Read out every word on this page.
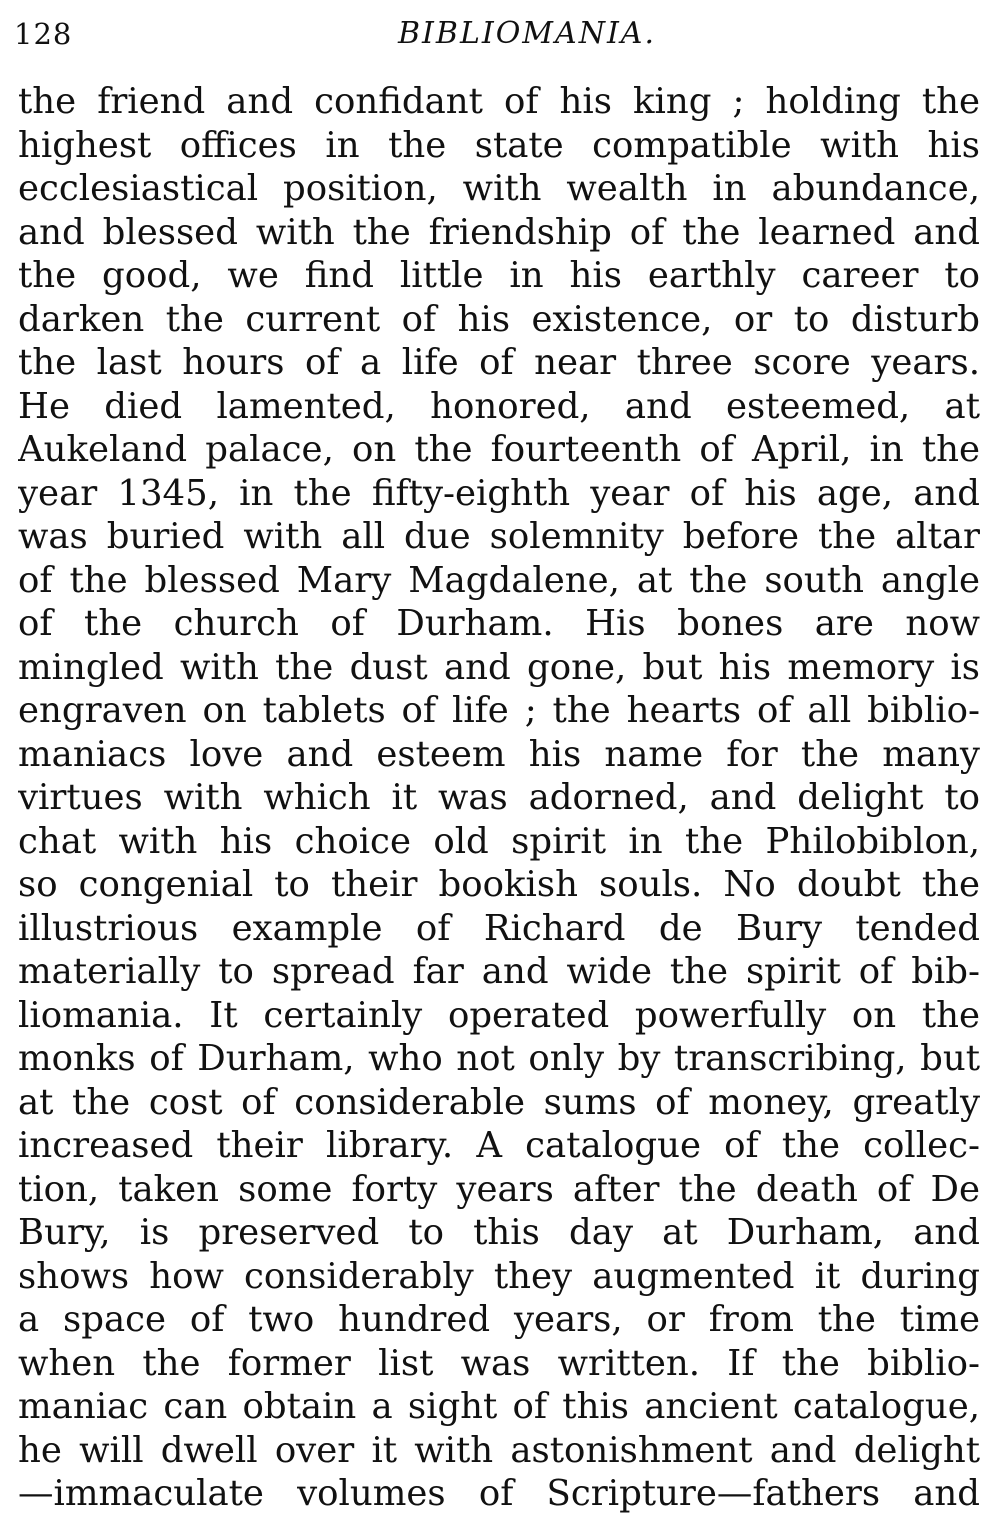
128	BIBLIOMANIA.
the friend and confidant of his king ; holding the
highest offices in the state compatible with his
ecclesiastical position, with wealth in abundance,
and blessed with the friendship of the learned and
the good, we find little in his earthly career to
darken the current of his existence, or to disturb
the last hours of a life of near three score years.
He died lamented, honored, and esteemed, at
Aukeland palace, on the fourteenth of April, in the
year 1345, in the fifty-eighth year of his age, and
was buried with all due solemnity before the altar
of the blessed Mary Magdalene, at the south angle
of the church of Durham. His bones are now
mingled with the dust and gone, but his memory is
engraven on tablets of life ; the hearts of all biblio-
maniacs love and esteem his name for the many
virtues with which it was adorned, and delight to
chat with his choice old spirit in the Philobiblon,
so congenial to their bookish souls. No doubt the
illustrious example of Richard de Bury tended
materially to spread far and wide the spirit of bib-
liomania. It certainly operated powerfully on the
monks of Durham, who not only by transcribing, but
at the cost of considerable sums of money, greatly
increased their library. A catalogue of the collec-
tion, taken some forty years after the death of De
Bury, is preserved to this day at Durham, and
shows how considerably they augmented it during
a space of two hundred years, or from the time
when the former list was written. If the biblio-
maniac can obtain a sight of this ancient catalogue,
he will dwell over it with astonishment and delight
—immaculate volumes of Scripture—fathers and
